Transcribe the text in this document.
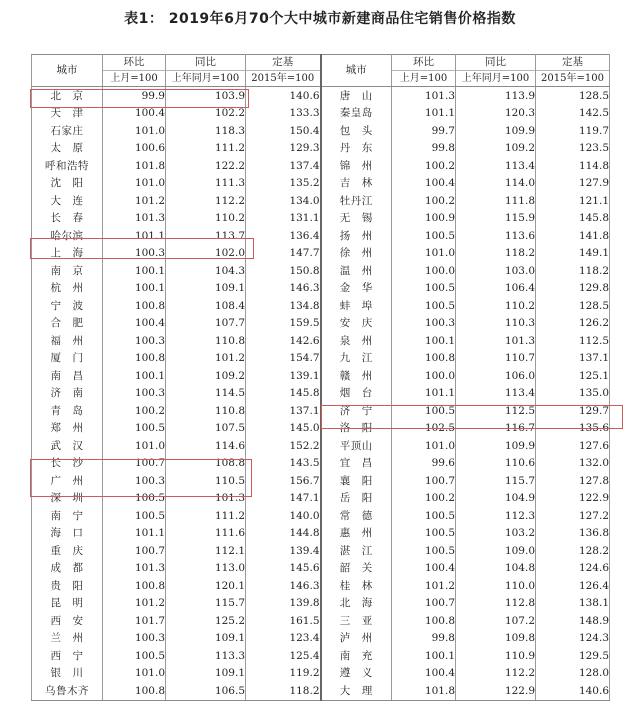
表1： 2019年6月70个大中城市新建商品住宅销售价格指数
城市	环比	同比	定基	城市	环比	同比	定基
	上月=100	上年同月=100	2015年=100		上月=100	上年同月=100	2015年=100
北　京	99.9	103.9	140.6	唐　山	101.3	113.9	128.5
天　津	100.4	102.2	133.3	秦皇岛	101.1	120.3	142.5
石家庄	101.0	118.3	150.4	包　头	99.7	109.9	119.7
太　原	100.6	111.2	129.3	丹　东	99.8	109.2	123.5
呼和浩特	101.8	122.2	137.4	锦　州	100.2	113.4	114.8
沈　阳	101.0	111.3	135.2	吉　林	100.4	114.0	127.9
大　连	101.2	112.2	134.0	牡丹江	100.2	111.8	121.1
长　春	101.3	110.2	131.1	无　锡	100.9	115.9	145.8
哈尔滨	101.1	113.7	136.4	扬　州	100.5	113.6	141.8
上　海	100.3	102.0	147.7	徐　州	101.0	118.2	149.1
南　京	100.1	104.3	150.8	温　州	100.0	103.0	118.2
杭　州	100.1	109.1	146.3	金　华	100.5	106.4	129.8
宁　波	100.8	108.4	134.8	蚌　埠	100.5	110.2	128.5
合　肥	100.4	107.7	159.5	安　庆	100.3	110.3	126.2
福　州	100.3	110.8	142.6	泉　州	100.1	101.3	112.5
厦　门	100.8	101.2	154.7	九　江	100.8	110.7	137.1
南　昌	100.1	109.2	139.1	赣　州	100.0	106.0	125.1
济　南	100.3	114.5	145.8	烟　台	101.1	113.4	135.0
青　岛	100.2	110.8	137.1	济　宁	100.5	112.5	129.7
郑　州	100.5	107.5	145.0	洛　阳	102.5	116.7	135.6
武　汉	101.0	114.6	152.2	平顶山	101.0	109.9	127.6
长　沙	100.7	108.8	143.5	宜　昌	99.6	110.6	132.0
广　州	100.3	110.5	156.7	襄　阳	100.7	115.7	127.8
深　圳	100.5	101.3	147.1	岳　阳	100.2	104.9	122.9
南　宁	100.5	111.2	140.0	常　德	100.5	112.3	127.2
海　口	101.1	111.6	144.8	惠　州	100.5	103.2	136.8
重　庆	100.7	112.1	139.4	湛　江	100.5	109.0	128.2
成　都	101.3	113.0	145.6	韶　关	100.4	104.8	124.6
贵　阳	100.8	120.1	146.3	桂　林	101.2	110.0	126.4
昆　明	101.2	115.7	139.8	北　海	100.7	112.8	138.1
西　安	101.7	125.2	161.5	三　亚	100.8	107.2	148.9
兰　州	100.3	109.1	123.4	泸　州	99.8	109.8	124.3
西　宁	100.5	113.3	125.4	南　充	100.1	110.9	129.5
银　川	101.0	109.1	119.2	遵　义	100.4	112.2	128.0
乌鲁木齐	100.8	106.5	118.2	大　理	101.8	122.9	140.6
